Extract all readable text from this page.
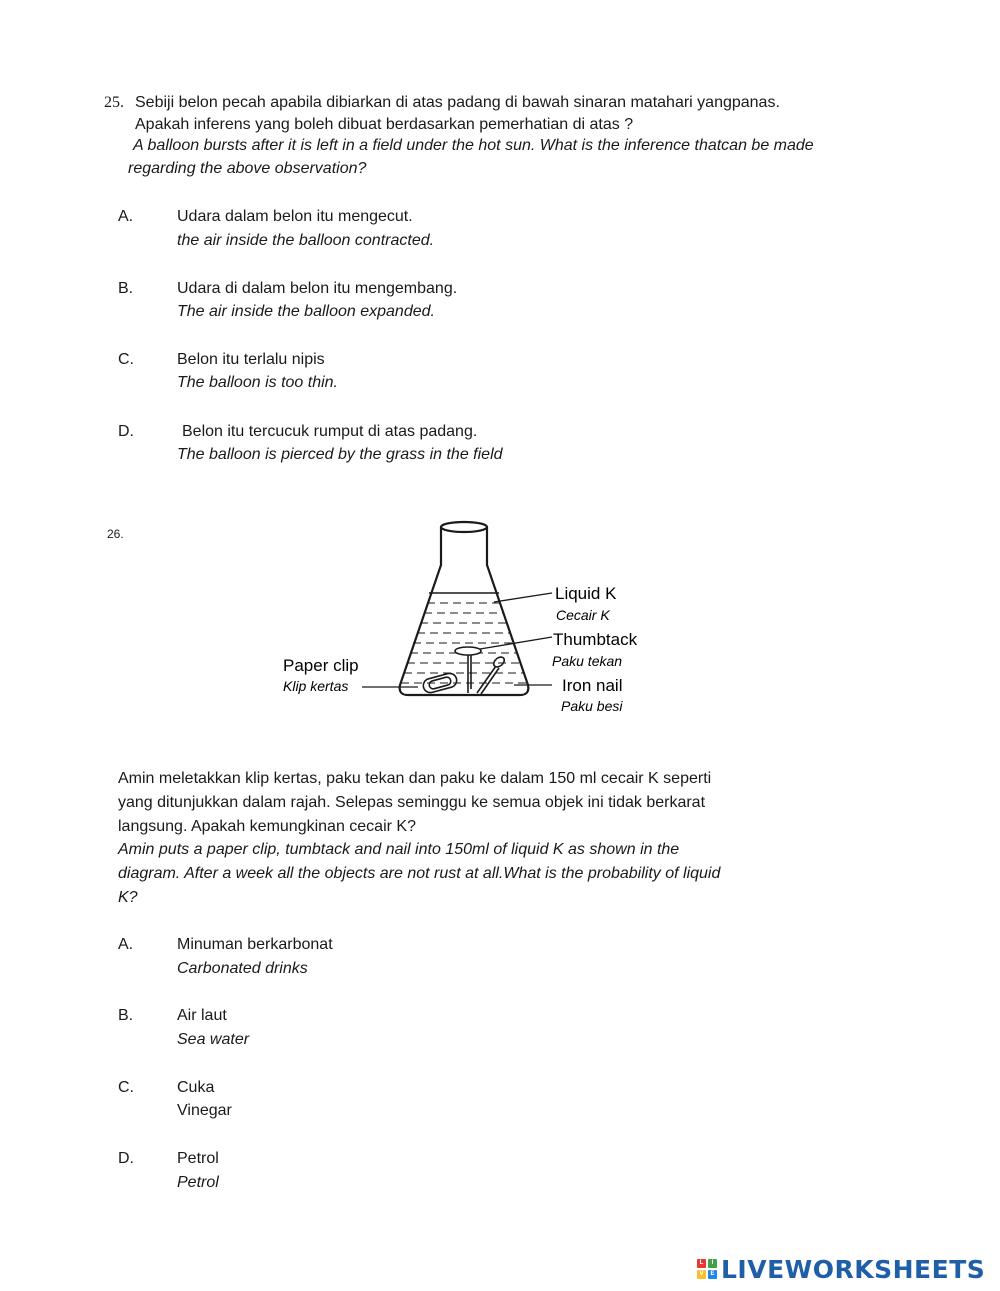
25. Sebiji belon pecah apabila dibiarkan di atas padang di bawah sinaran matahari yangpanas.
Apakah inferens yang boleh dibuat berdasarkan pemerhatian di atas ?
A balloon bursts after it is left in a field under the hot sun. What is the inference thatcan be made
regarding the above observation?
A.	Udara dalam belon itu mengecut.
the air inside the balloon contracted.
B.	Udara di dalam belon itu mengembang.
The air inside the balloon expanded.
C.	Belon itu terlalu nipis
The balloon is too thin.
D.	Belon itu tercucuk rumput di atas padang.
The balloon is pierced by the grass in the field
26.
Liquid K
Cecair K
Thumbtack
Paku tekan
Iron nail
Paku besi
Paper clip
Klip kertas
Amin meletakkan klip kertas, paku tekan dan paku ke dalam 150 ml cecair K seperti
yang ditunjukkan dalam rajah. Selepas seminggu ke semua objek ini tidak berkarat
langsung. Apakah kemungkinan cecair K?
Amin puts a paper clip, tumbtack and nail into 150ml of liquid K as shown in the
diagram. After a week all the objects are not rust at all.What is the probability of liquid
K?
A.	Minuman berkarbonat
Carbonated drinks
B.	Air laut
Sea water
C.	Cuka
Vinegar
D.	Petrol
Petrol
L	I
V	E LIVEWORKSHEETS
